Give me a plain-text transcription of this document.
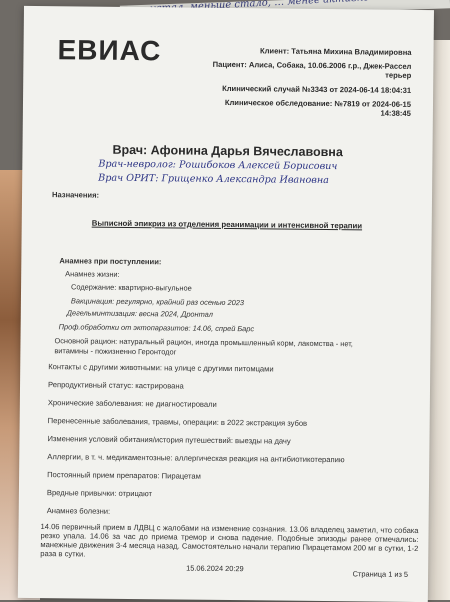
ЕВИАС	Клиент: Татьяна Михина Владимировна
Пациент: Алиса, Собака, 10.06.2006 г.р., Джек-Рассел
терьер
Клинический случай №3343 от 2024-06-14 18:04:31
Клиническое обследование: №7819 от 2024-06-15
14:38:45
Врач: Афонина Дарья Вячеславовна
Врач-невролог: Рошибоков Алексей Борисович
Врач ОРИТ: Грищенко Александра Ивановна
Назначения:
Выписной эпикриз из отделения реанимации и интенсивной терапии
Анамнез при поступлении:
Анамнез жизни:
Содержание: квартирно-выгульное
Вакцинация: регулярно, крайний раз осенью 2023
Дегельминтизация: весна 2024, Дронтал
Проф.обработки от эктопаразитов: 14.06, спрей Барс
Основной рацион: натуральный рацион, иногда промышленный корм, лакомства - нет,
витамины - пожизненно Геронтодог
Контакты с другими животными: на улице с другими питомцами
Репродуктивный статус: кастрирована
Хронические заболевания: не диагностировали
Перенесенные заболевания, травмы, операции: в 2022 экстракция зубов
Изменения условий обитания/история путешествий: выезды на дачу
Аллергии, в т. ч. медикаментозные: аллергическая реакция на антибиотикотерапию
Постоянный прием препаратов: Пирацетам
Вредные привычки: отрицают
Анамнез болезни:
14.06 первичный прием в ЛДВЦ с жалобами на изменение сознания. 13.06 владелец заметил, что собака резко упала. 14.06 за час до приема тремор и снова падение. Подобные эпизоды ранее отмечались: манежные движения 3-4 месяца назад. Самостоятельно начали терапию Пирацетамом 200 мг в сутки, 1-2 раза в сутки.
15.06.2024 20:29
Страница 1 из 5
